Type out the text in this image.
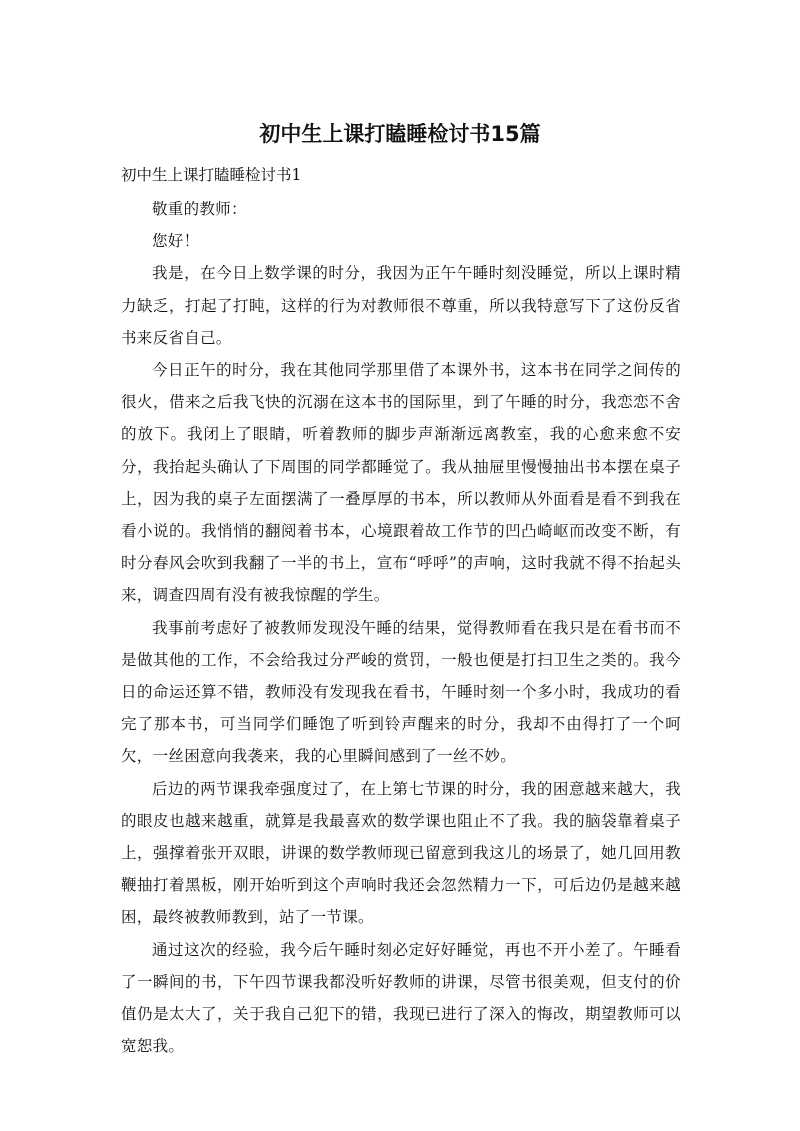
初中生上课打瞌睡检讨书15篇

初中生上课打瞌睡检讨书1

敬重的教师：

您好！

我是，在今日上数学课的时分，我因为正午午睡时刻没睡觉，所以上课时精力缺乏，打起了打盹，这样的行为对教师很不尊重，所以我特意写下了这份反省书来反省自己。

今日正午的时分，我在其他同学那里借了本课外书，这本书在同学之间传的很火，借来之后我飞快的沉溺在这本书的国际里，到了午睡的时分，我恋恋不舍的放下。我闭上了眼睛，听着教师的脚步声渐渐远离教室，我的心愈来愈不安分，我抬起头确认了下周围的同学都睡觉了。我从抽屉里慢慢抽出书本摆在桌子上，因为我的桌子左面摆满了一叠厚厚的书本，所以教师从外面看是看不到我在看小说的。我悄悄的翻阅着书本，心境跟着故工作节的凹凸崎岖而改变不断，有时分春风会吹到我翻了一半的书上，宣布“呼呼”的声响，这时我就不得不抬起头来，调查四周有没有被我惊醒的学生。

我事前考虑好了被教师发现没午睡的结果，觉得教师看在我只是在看书而不是做其他的工作，不会给我过分严峻的赏罚，一般也便是打扫卫生之类的。我今日的命运还算不错，教师没有发现我在看书，午睡时刻一个多小时，我成功的看完了那本书，可当同学们睡饱了听到铃声醒来的时分，我却不由得打了一个呵欠，一丝困意向我袭来，我的心里瞬间感到了一丝不妙。

后边的两节课我牵强度过了，在上第七节课的时分，我的困意越来越大，我的眼皮也越来越重，就算是我最喜欢的数学课也阻止不了我。我的脑袋靠着桌子上，强撑着张开双眼，讲课的数学教师现已留意到我这儿的场景了，她几回用教鞭抽打着黑板，刚开始听到这个声响时我还会忽然精力一下，可后边仍是越来越困，最终被教师教到，站了一节课。

通过这次的经验，我今后午睡时刻必定好好睡觉，再也不开小差了。午睡看了一瞬间的书，下午四节课我都没听好教师的讲课，尽管书很美观，但支付的价值仍是太大了，关于我自己犯下的错，我现已进行了深入的悔改，期望教师可以宽恕我。
